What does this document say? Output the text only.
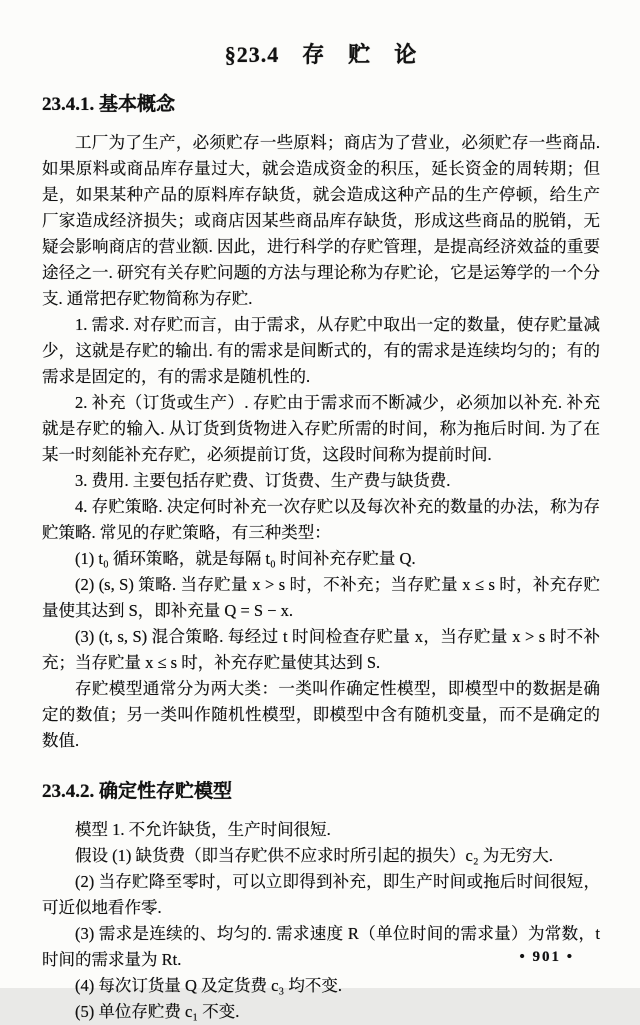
§23.4　存　贮　论
23.4.1. 基本概念

工厂为了生产，必须贮存一些原料；商店为了营业，必须贮存一些商品. 如果原料或商品库存量过大，就会造成资金的积压，延长资金的周转期；但是，如果某种产品的原料库存缺货，就会造成这种产品的生产停顿，给生产厂家造成经济损失；或商店因某些商品库存缺货，形成这些商品的脱销，无疑会影响商店的营业额. 因此，进行科学的存贮管理，是提高经济效益的重要途径之一. 研究有关存贮问题的方法与理论称为存贮论，它是运筹学的一个分支. 通常把存贮物简称为存贮.

1. 需求. 对存贮而言，由于需求，从存贮中取出一定的数量，使存贮量减少，这就是存贮的输出. 有的需求是间断式的，有的需求是连续均匀的；有的需求是固定的，有的需求是随机性的.

2. 补充（订货或生产）. 存贮由于需求而不断减少，必须加以补充. 补充就是存贮的输入. 从订货到货物进入存贮所需的时间，称为拖后时间. 为了在某一时刻能补充存贮，必须提前订货，这段时间称为提前时间.

3. 费用. 主要包括存贮费、订货费、生产费与缺货费.

4. 存贮策略. 决定何时补充一次存贮以及每次补充的数量的办法，称为存贮策略. 常见的存贮策略，有三种类型：

(1) t₀ 循环策略，就是每隔 t₀ 时间补充存贮量 Q.

(2) (s, S) 策略. 当存贮量 x > s 时，不补充；当存贮量 x ≤ s 时，补充存贮量使其达到 S，即补充量 Q = S − x.

(3) (t, s, S) 混合策略. 每经过 t 时间检查存贮量 x，当存贮量 x > s 时不补充；当存贮量 x ≤ s 时，补充存贮量使其达到 S.

存贮模型通常分为两大类：一类叫作确定性模型，即模型中的数据是确定的数值；另一类叫作随机性模型，即模型中含有随机变量，而不是确定的数值.

23.4.2. 确定性存贮模型

模型 1. 不允许缺货，生产时间很短.

假设 (1) 缺货费（即当存贮供不应求时所引起的损失）c₂ 为无穷大.

(2) 当存贮降至零时，可以立即得到补充，即生产时间或拖后时间很短，可近似地看作零.

(3) 需求是连续的、均匀的. 需求速度 R（单位时间的需求量）为常数，t 时间的需求量为 Rt.

(4) 每次订货量 Q 及定货费 c₃ 均不变.

(5) 单位存贮费 c₁ 不变.

• 901 •
